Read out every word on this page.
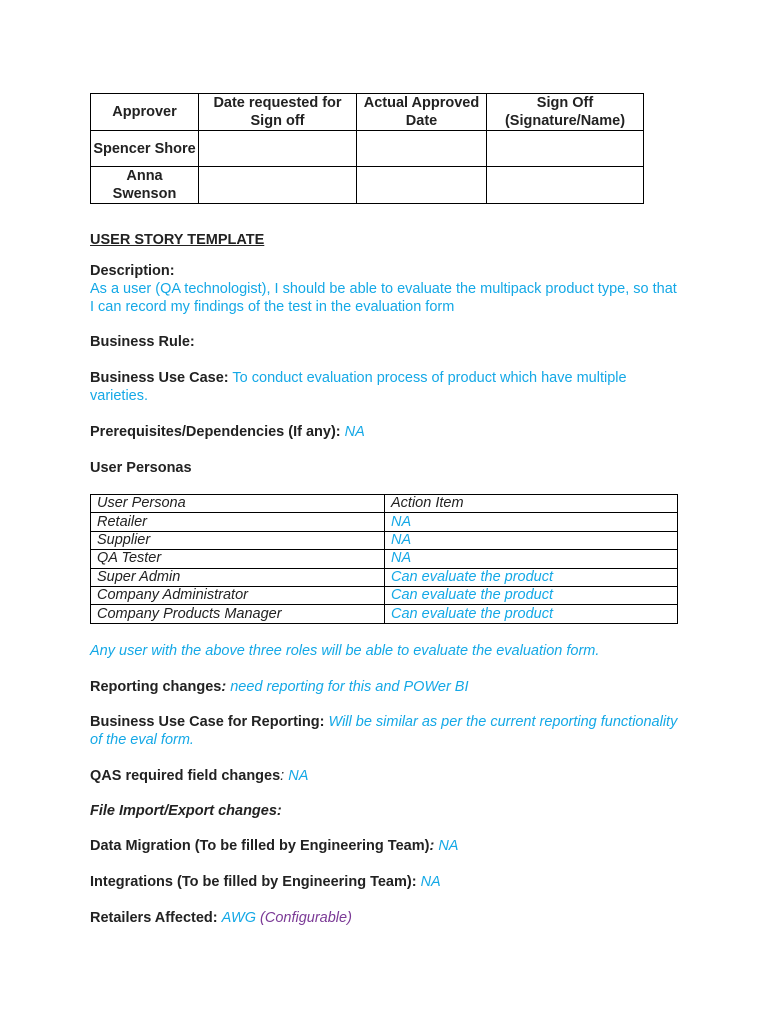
Approver	Date requested for Sign off	Actual Approved Date	Sign Off (Signature/Name)
Spencer Shore			
Anna Swenson			
USER STORY TEMPLATE
Description:
As a user (QA technologist), I should be able to evaluate the multipack product type, so that I can record my findings of the test in the evaluation form
Business Rule:
Business Use Case: To conduct evaluation process of product which have multiple varieties.
Prerequisites/Dependencies (If any): NA
User Personas
User Persona	Action Item
Retailer	NA
Supplier	NA
QA Tester	NA
Super Admin	Can evaluate the product
Company Administrator	Can evaluate the product
Company Products Manager	Can evaluate the product
Any user with the above three roles will be able to evaluate the evaluation form.
Reporting changes: need reporting for this and POWer BI
Business Use Case for Reporting: Will be similar as per the current reporting functionality of the eval form.
QAS required field changes: NA
File Import/Export changes:
Data Migration (To be filled by Engineering Team): NA
Integrations (To be filled by Engineering Team): NA
Retailers Affected: AWG (Configurable)
